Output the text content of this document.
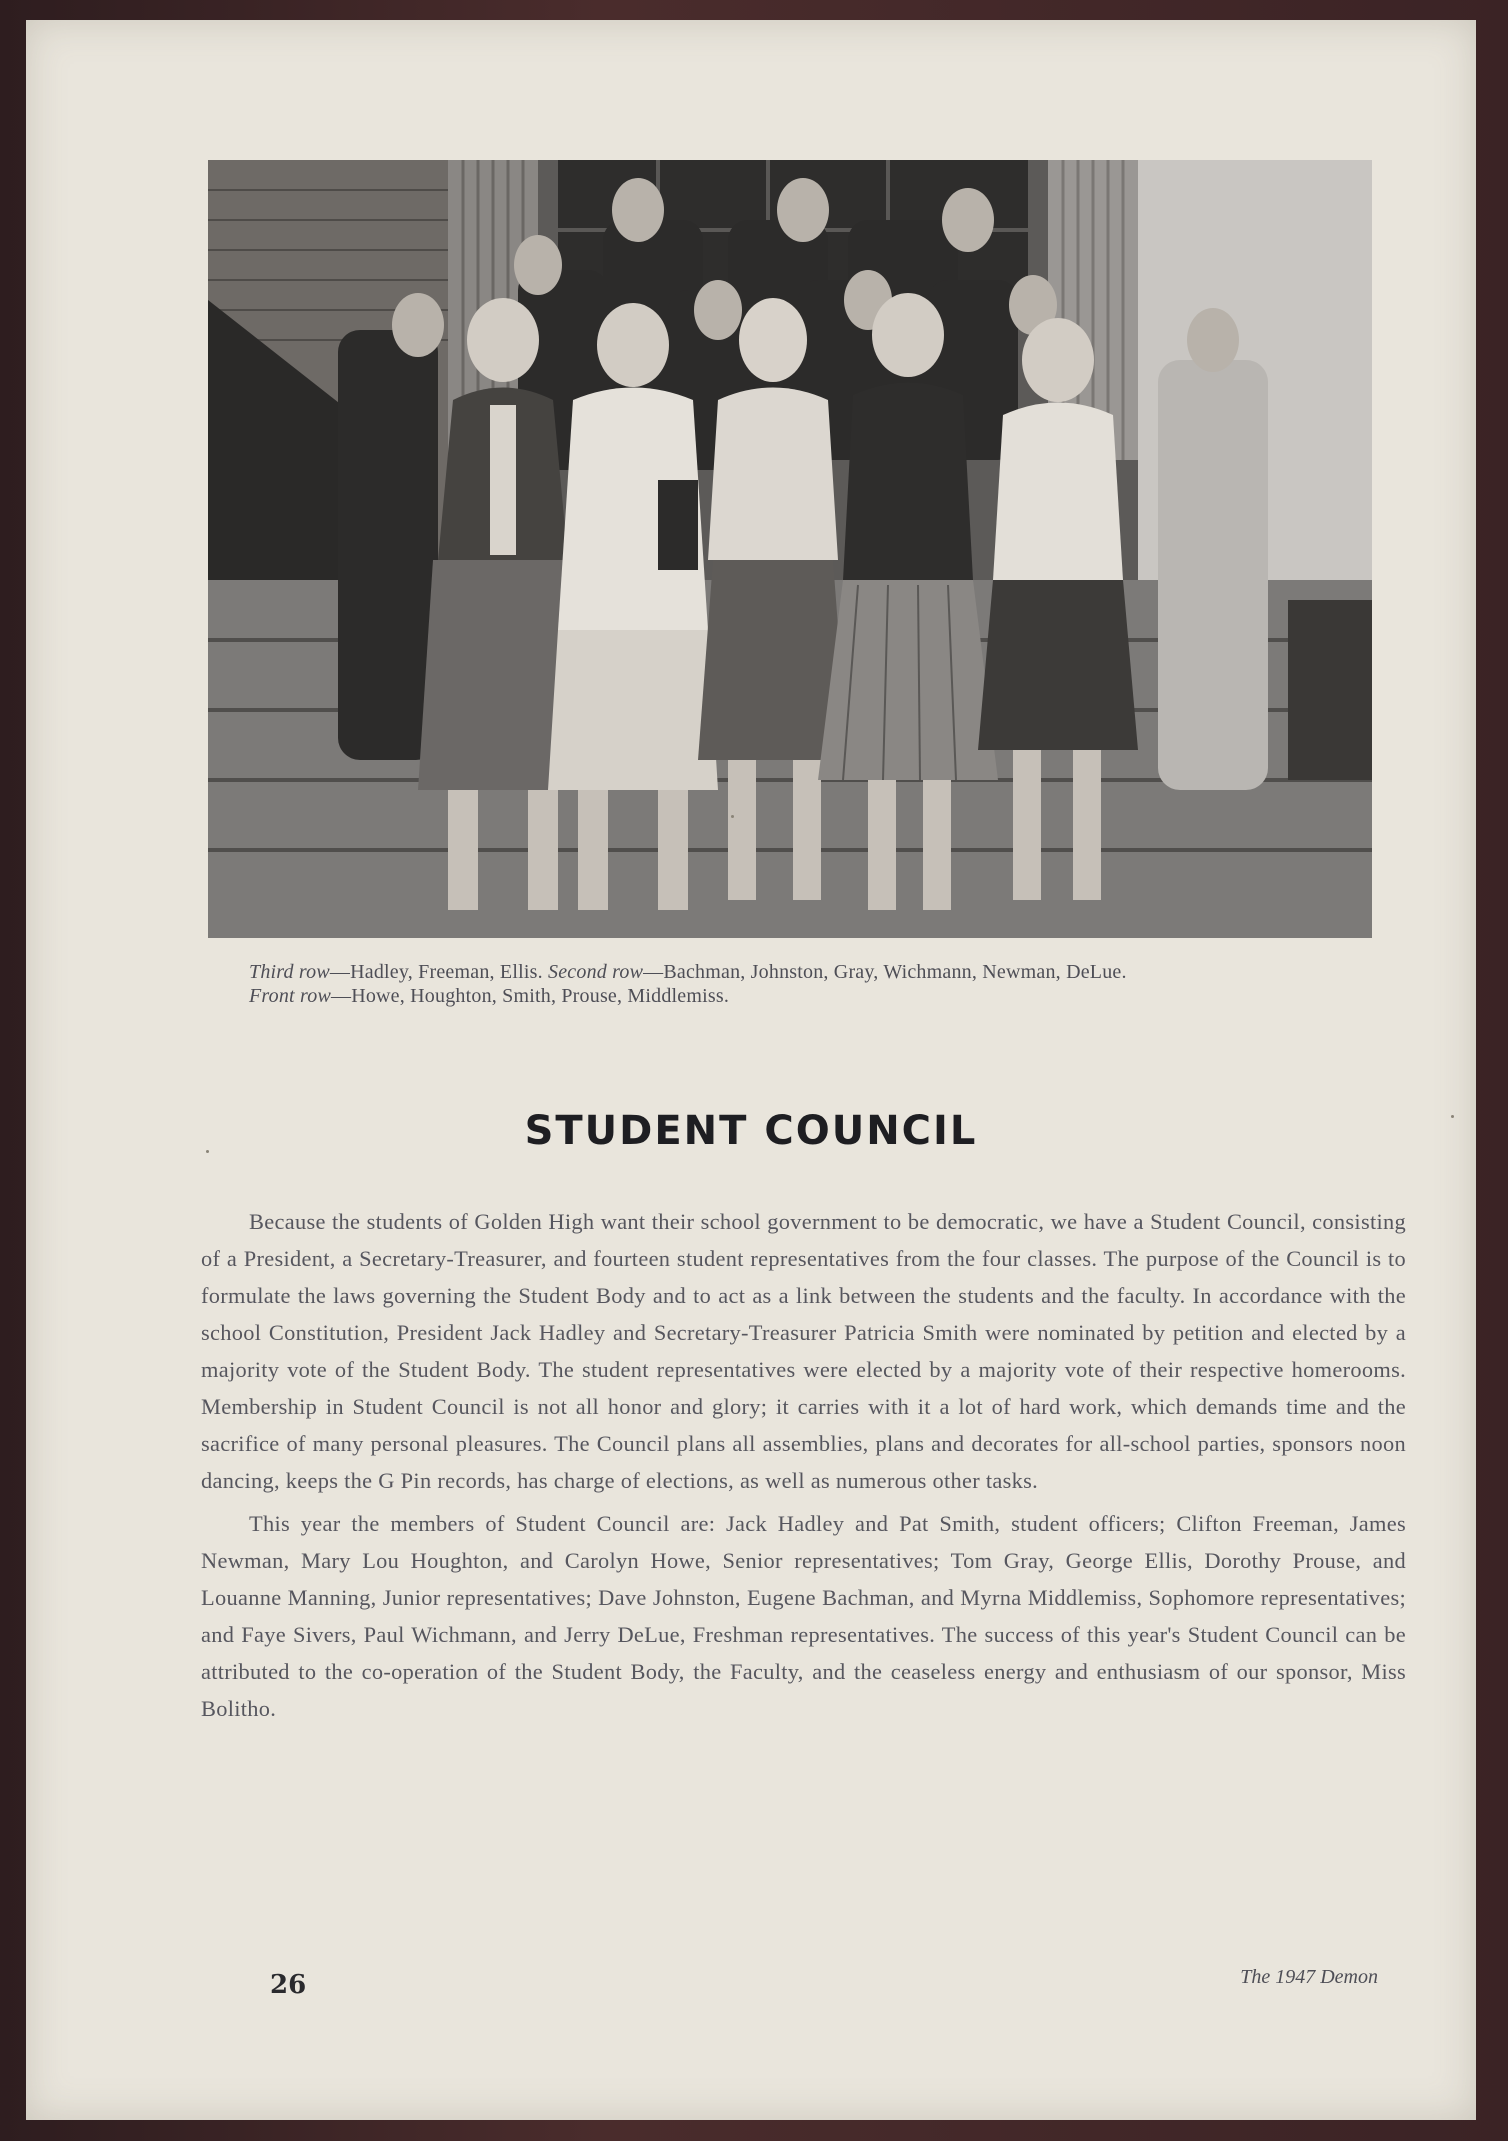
Third row—Hadley, Freeman, Ellis. Second row—Bachman, Johnston, Gray, Wichmann, Newman, DeLue.
Front row—Howe, Houghton, Smith, Prouse, Middlemiss.
STUDENT COUNCIL

Because the students of Golden High want their school government to be democratic, we have a Student Council, consisting of a President, a Secretary-Treasurer, and fourteen student representatives from the four classes. The purpose of the Council is to formulate the laws governing the Student Body and to act as a link between the students and the faculty. In accordance with the school Constitution, President Jack Hadley and Secretary-Treasurer Patricia Smith were nominated by petition and elected by a majority vote of the Student Body. The student representatives were elected by a majority vote of their respective homerooms. Membership in Student Council is not all honor and glory; it carries with it a lot of hard work, which demands time and the sacrifice of many personal pleasures. The Council plans all assemblies, plans and decorates for all-school parties, sponsors noon dancing, keeps the G Pin records, has charge of elections, as well as numerous other tasks.

This year the members of Student Council are: Jack Hadley and Pat Smith, student officers; Clifton Freeman, James Newman, Mary Lou Houghton, and Carolyn Howe, Senior representatives; Tom Gray, George Ellis, Dorothy Prouse, and Louanne Manning, Junior representatives; Dave Johnston, Eugene Bachman, and Myrna Middlemiss, Sophomore representatives; and Faye Sivers, Paul Wichmann, and Jerry DeLue, Freshman representatives. The success of this year's Student Council can be attributed to the co-operation of the Student Body, the Faculty, and the ceaseless energy and enthusiasm of our sponsor, Miss Bolitho.

26	The 1947 Demon
